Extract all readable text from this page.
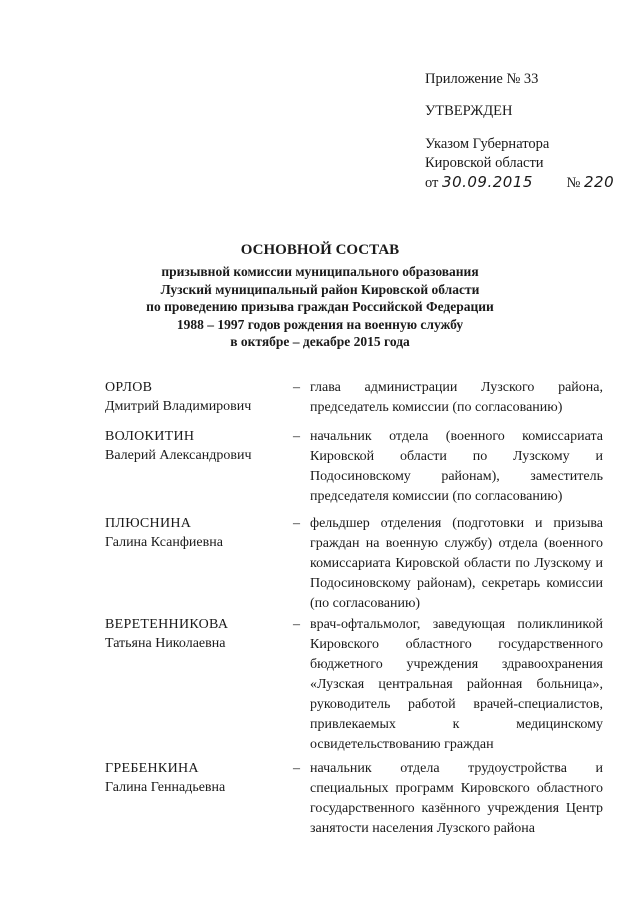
Приложение № 33
УТВЕРЖДЕН
Указом Губернатора
Кировской области
от 30.09.2015 № 220
ОСНОВНОЙ СОСТАВ
призывной комиссии муниципального образования
Лузский муниципальный район Кировской области
по проведению призыва граждан Российской Федерации
1988 – 1997 годов рождения на военную службу
в октябре – декабре 2015 года
ОРЛОВ
Дмитрий Владимирович
– глава администрации Лузского района, председатель комиссии (по согласованию)
ВОЛОКИТИН
Валерий Александрович
– начальник отдела (военного комиссариата Кировской области по Лузскому и Подосиновскому районам), заместитель председателя комиссии (по согласованию)
ПЛЮСНИНА
Галина Ксанфиевна
– фельдшер отделения (подготовки и призыва граждан на военную службу) отдела (военного комиссариата Кировской области по Лузскому и Подосиновскому районам), секретарь комиссии (по согласованию)
ВЕРЕТЕННИКОВА
Татьяна Николаевна
– врач-офтальмолог, заведующая поликлиникой Кировского областного государственного бюджетного учреждения здравоохранения «Лузская центральная районная больница», руководитель работой врачей-специалистов, привлекаемых к медицинскому освидетельствованию граждан
ГРЕБЕНКИНА
Галина Геннадьевна
– начальник отдела трудоустройства и специальных программ Кировского областного государственного казённого учреждения Центр занятости населения Лузского района
